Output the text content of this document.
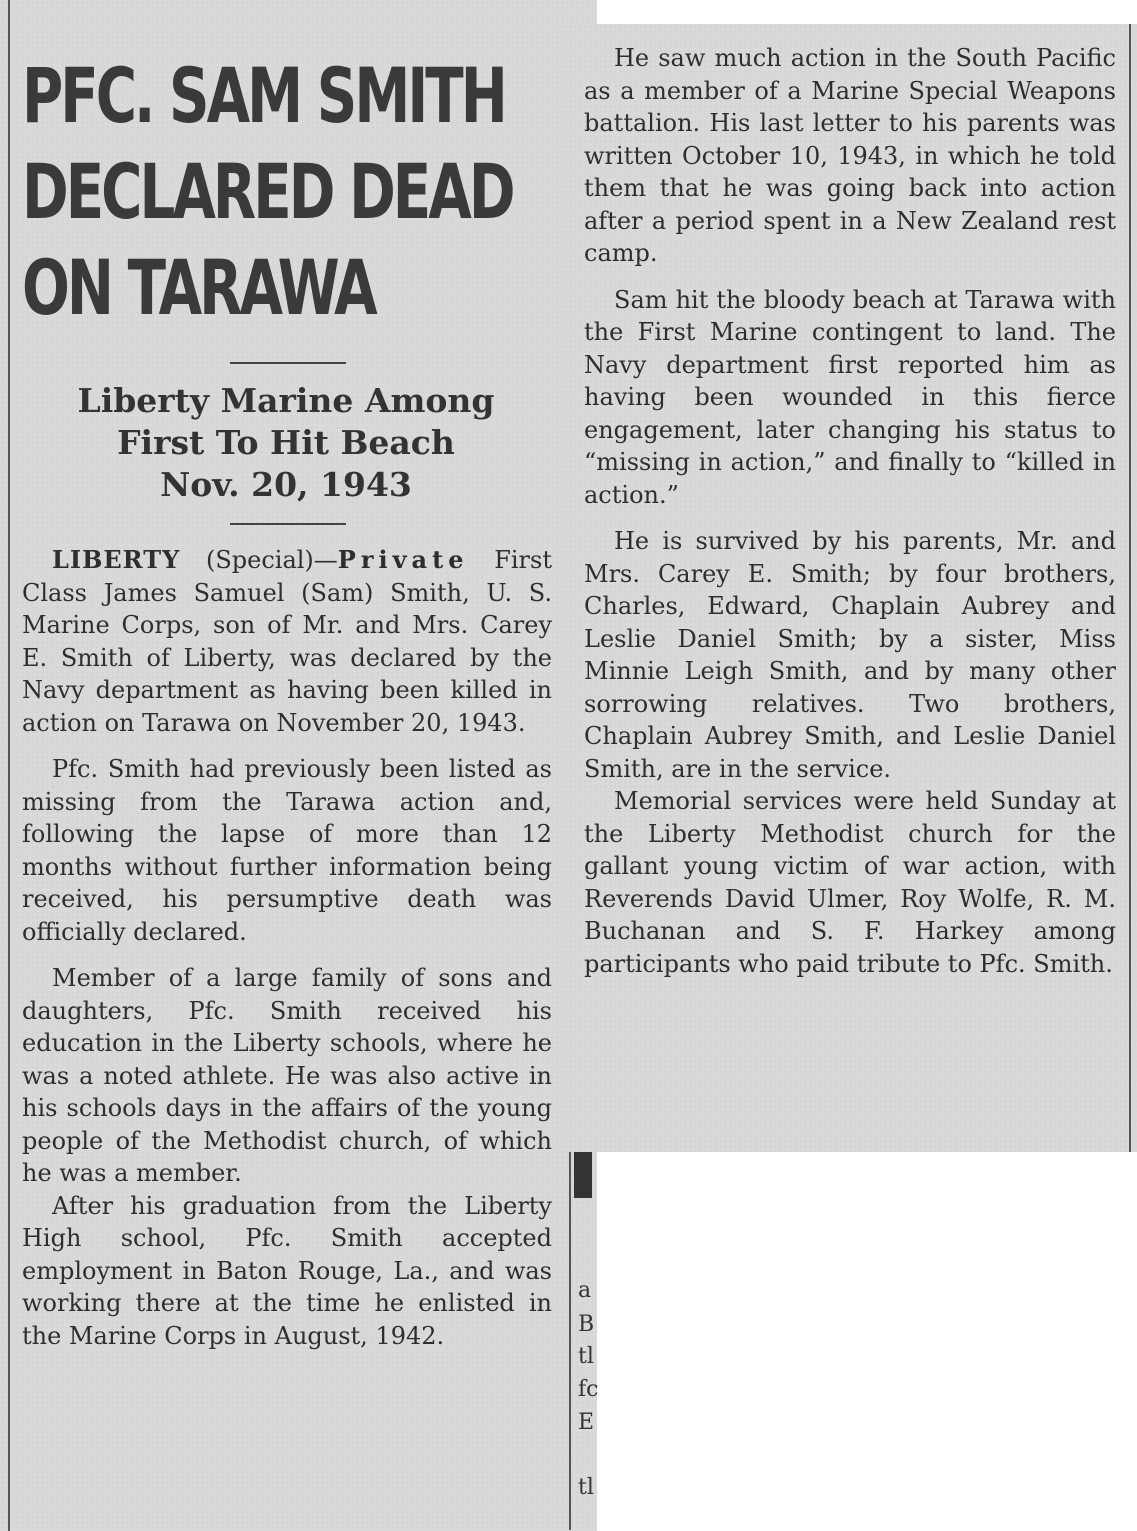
PFC. SAM SMITH
DECLARED DEAD
ON TARAWA
Liberty Marine Among
First To Hit Beach
Nov. 20, 1943

LIBERTY (Special)—Private First Class James Samuel (Sam) Smith, U. S. Marine Corps, son of Mr. and Mrs. Carey E. Smith of Liberty, was declared by the Navy department as having been killed in action on Tarawa on November 20, 1943.

Pfc. Smith had previously been listed as missing from the Tarawa action and, following the lapse of more than 12 months without further information being received, his persumptive death was officially declared.

Member of a large family of sons and daughters, Pfc. Smith received his education in the Liberty schools, where he was a noted athlete. He was also active in his schools days in the affairs of the young people of the Methodist church, of which he was a member.

After his graduation from the Liberty High school, Pfc. Smith accepted employment in Baton Rouge, La., and was working there at the time he enlisted in the Marine Corps in August, 1942.

a
B
tl
fc
E
tl

He saw much action in the South Pacific as a member of a Marine Special Weapons battalion. His last letter to his parents was written October 10, 1943, in which he told them that he was going back into action after a period spent in a New Zealand rest camp.

Sam hit the bloody beach at Tarawa with the First Marine contingent to land. The Navy department first reported him as having been wounded in this fierce engagement, later changing his status to “missing in action,” and finally to “killed in action.”

He is survived by his parents, Mr. and Mrs. Carey E. Smith; by four brothers, Charles, Edward, Chaplain Aubrey and Leslie Daniel Smith; by a sister, Miss Minnie Leigh Smith, and by many other sorrowing relatives. Two brothers, Chaplain Aubrey Smith, and Leslie Daniel Smith, are in the service.

Memorial services were held Sunday at the Liberty Methodist church for the gallant young victim of war action, with Reverends David Ulmer, Roy Wolfe, R. M. Buchanan and S. F. Harkey among participants who paid tribute to Pfc. Smith.
